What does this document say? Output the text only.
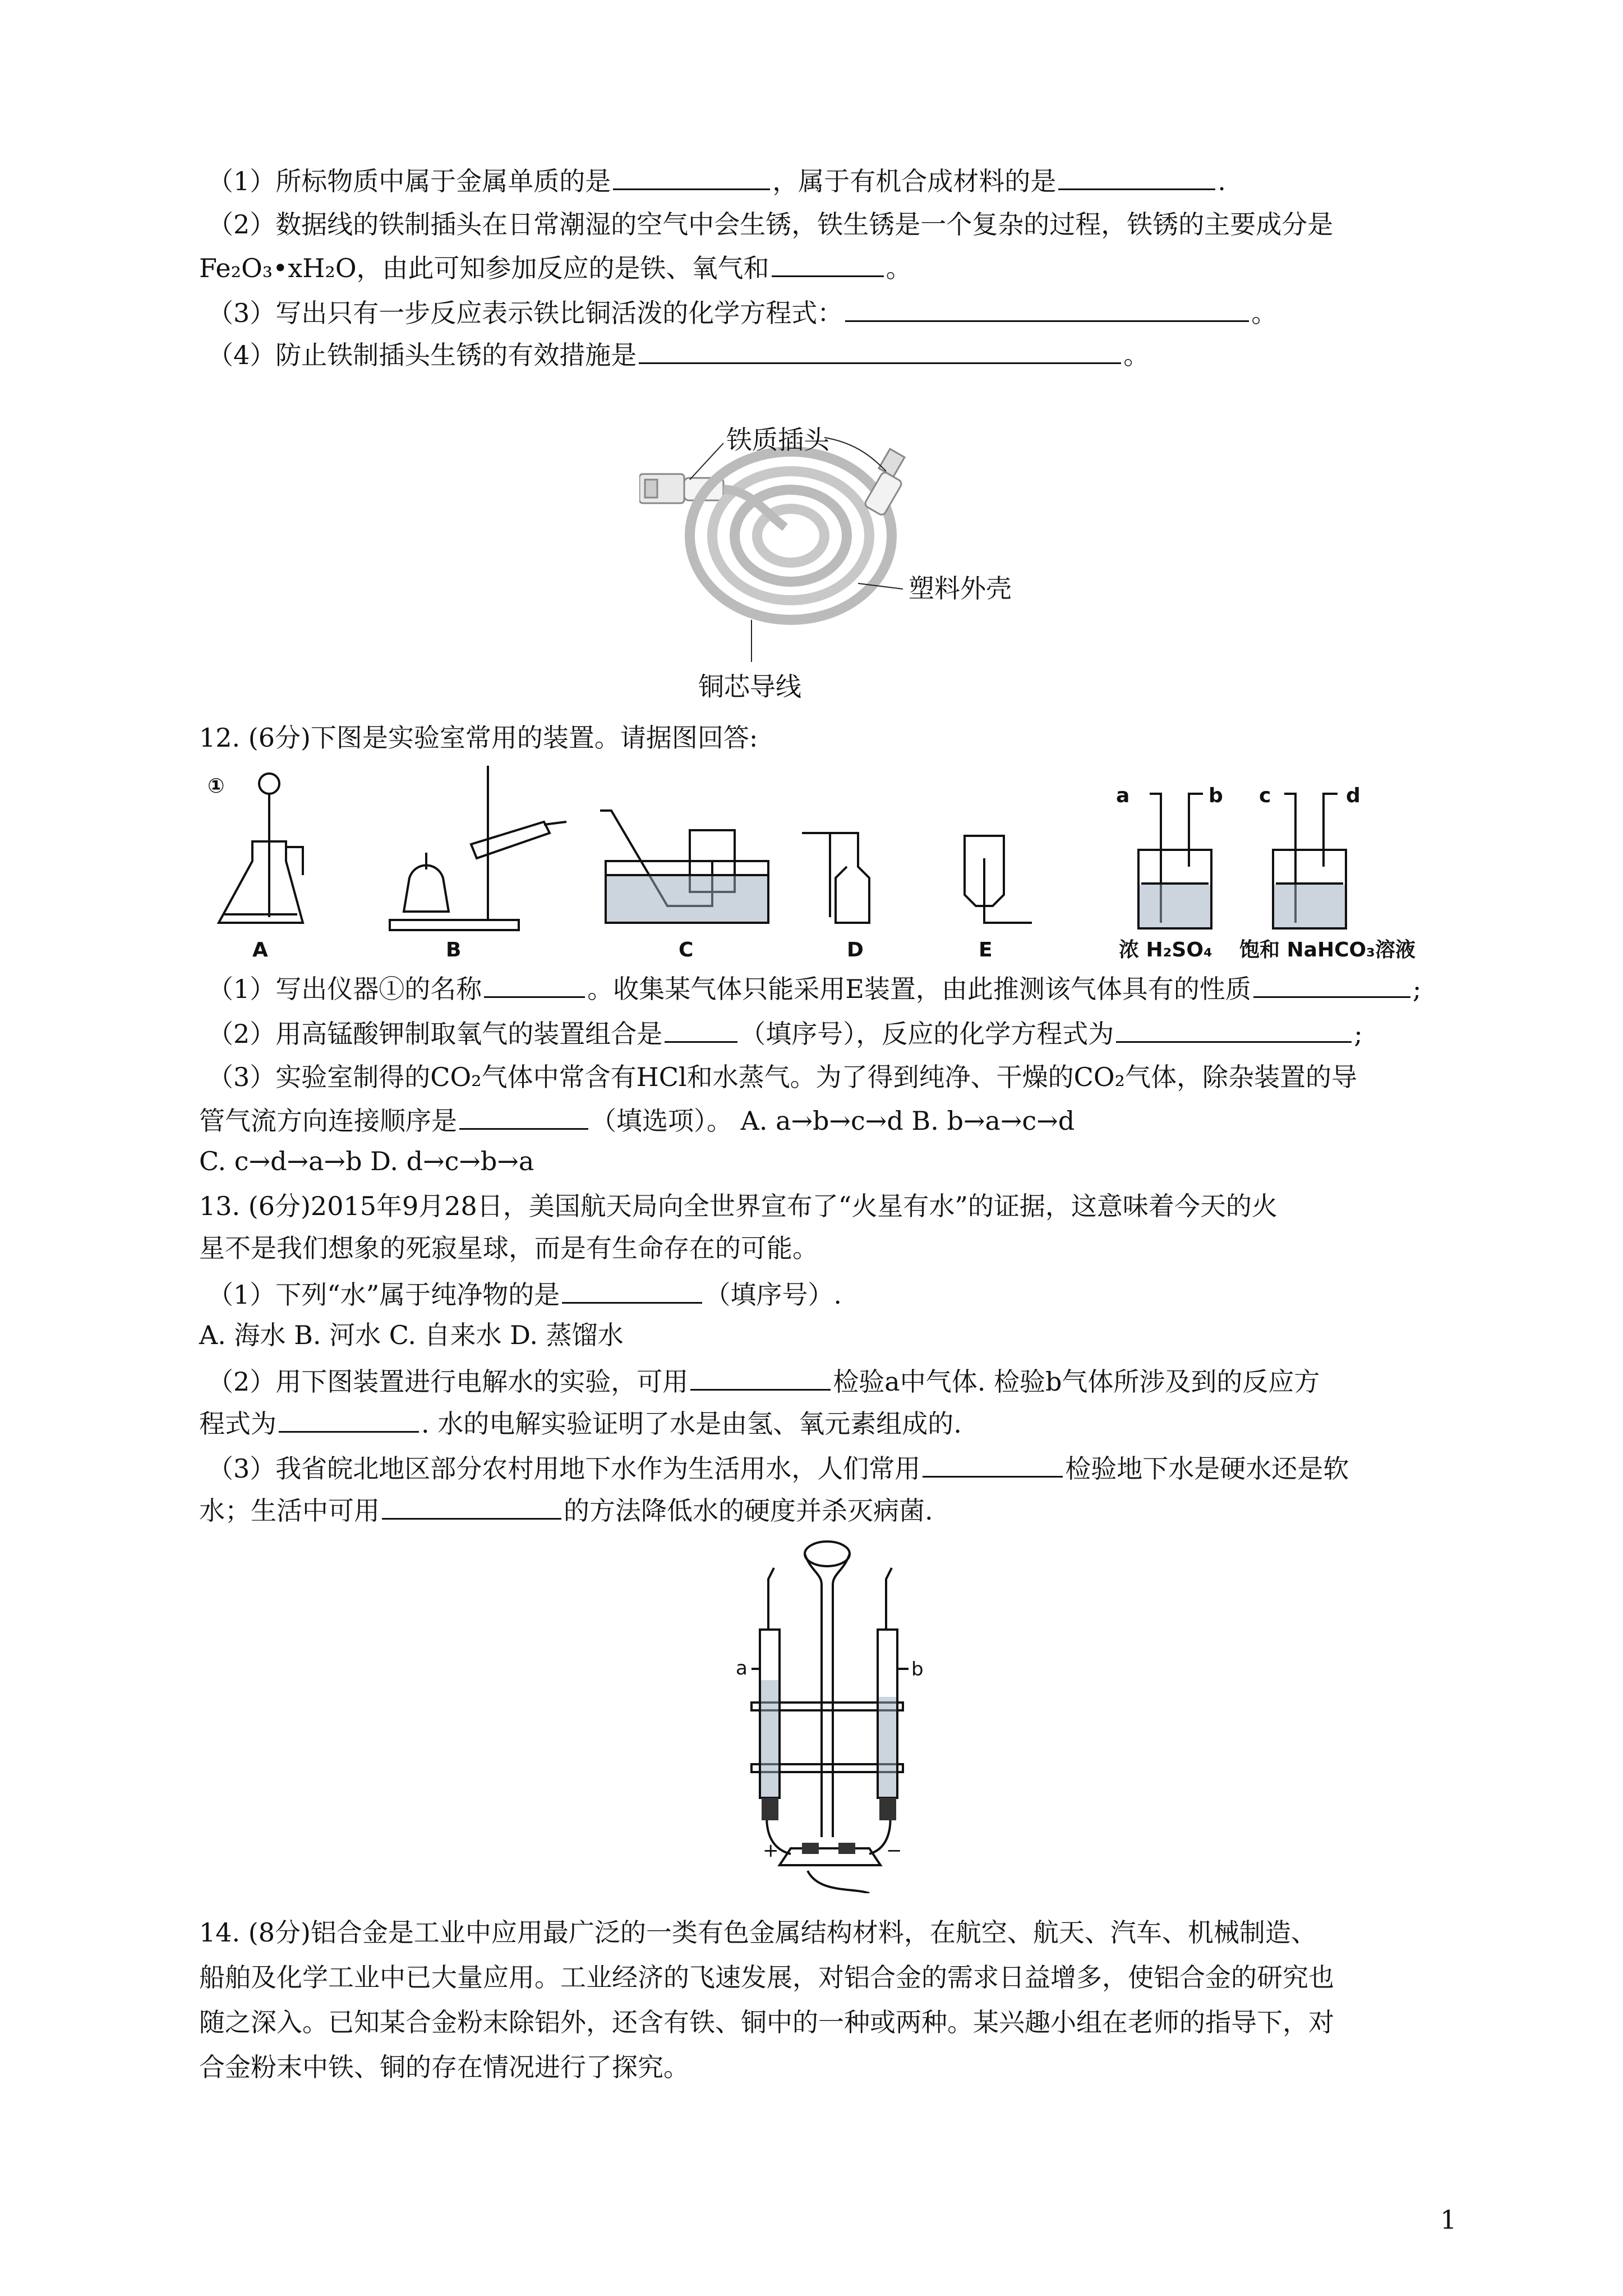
（1）所标物质中属于金属单质的是	，属于有机合成材料的是	.
（2）数据线的铁制插头在日常潮湿的空气中会生锈，铁生锈是一个复杂的过程，铁锈的主要成分是
Fe₂O₃•xH₂O，由此可知参加反应的是铁、氧气和	。
（3）写出只有一步反应表示铁比铜活泼的化学方程式：	。
（4）防止铁制插头生锈的有效措施是	。
铁质插头
塑料外壳
铜芯导线
12. (6分)下图是实验室常用的装置。请据图回答:
①
A	B	C	D	E
a	b c	d
浓 H₂SO₄ 饱和 NaHCO₃溶液
（1）写出仪器①的名称	。收集某气体只能采用E装置，由此推测该气体具有的性质	;
（2）用高锰酸钾制取氧气的装置组合是	（填序号），反应的化学方程式为	;
（3）实验室制得的CO₂气体中常含有HCl和水蒸气。为了得到纯净、干燥的CO₂气体，除杂装置的导
管气流方向连接顺序是	（填选项）。 A. a→b→c→d B. b→a→c→d
C. c→d→a→b D. d→c→b→a
13. (6分)2015年9月28日，美国航天局向全世界宣布了“火星有水”的证据，这意味着今天的火
星不是我们想象的死寂星球，而是有生命存在的可能。
（1）下列“水”属于纯净物的是	（填序号）.
A. 海水 B. 河水 C. 自来水 D. 蒸馏水
（2）用下图装置进行电解水的实验，可用	检验a中气体. 检验b气体所涉及到的反应方
程式为	. 水的电解实验证明了水是由氢、氧元素组成的.
（3）我省皖北地区部分农村用地下水作为生活用水，人们常用	检验地下水是硬水还是软
水；生活中可用	的方法降低水的硬度并杀灭病菌.
a	b
+	−
14. (8分)铝合金是工业中应用最广泛的一类有色金属结构材料，在航空、航天、汽车、机械制造、
船舶及化学工业中已大量应用。工业经济的飞速发展，对铝合金的需求日益增多，使铝合金的研究也
随之深入。已知某合金粉末除铝外，还含有铁、铜中的一种或两种。某兴趣小组在老师的指导下，对
合金粉末中铁、铜的存在情况进行了探究。
1
